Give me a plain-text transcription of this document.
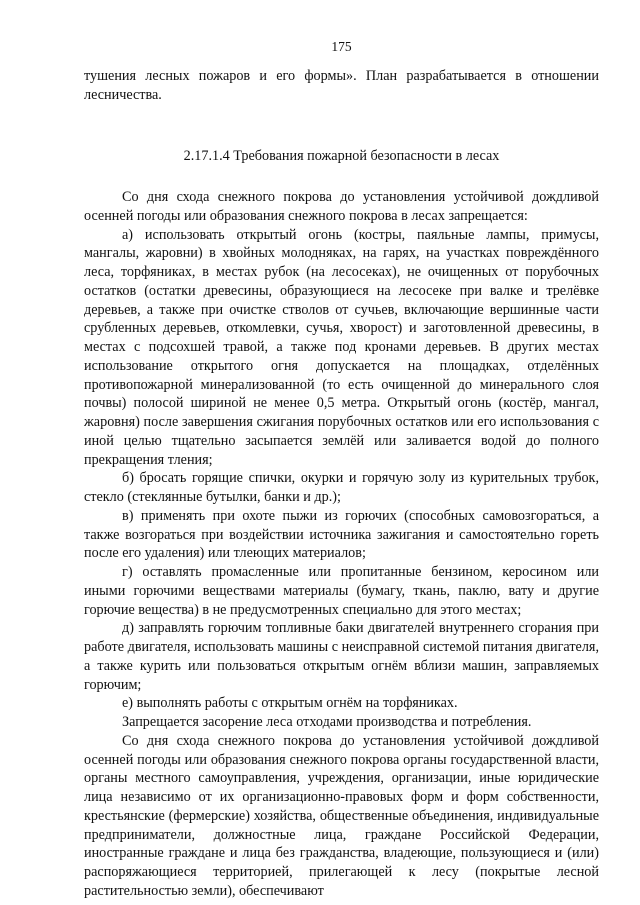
175

тушения лесных пожаров и его формы». План разрабатывается в отношении лесничества.

2.17.1.4 Требования пожарной безопасности в лесах

Со дня схода снежного покрова до установления устойчивой дождливой осенней погоды или образования снежного покрова в лесах запрещается:

а) использовать открытый огонь (костры, паяльные лампы, примусы, мангалы, жаровни) в хвойных молодняках, на гарях, на участках повреждённого леса, торфяниках, в местах рубок (на лесосеках), не очищенных от порубочных остатков (остатки древесины, образующиеся на лесосеке при валке и трелёвке деревьев, а также при очистке стволов от сучьев, включающие вершинные части срубленных деревьев, откомлевки, сучья, хворост) и заготовленной древесины, в местах с подсохшей травой, а также под кронами деревьев. В других местах использование открытого огня допускается на площадках, отделённых противопожарной минерализованной (то есть очищенной до минерального слоя почвы) полосой шириной не менее 0,5 метра. Открытый огонь (костёр, мангал, жаровня) после завершения сжигания порубочных остатков или его использования с иной целью тщательно засыпается землёй или заливается водой до полного прекращения тления;

б) бросать горящие спички, окурки и горячую золу из курительных трубок, стекло (стеклянные бутылки, банки и др.);

в) применять при охоте пыжи из горючих (способных самовозгораться, а также возгораться при воздействии источника зажигания и самостоятельно гореть после его удаления) или тлеющих материалов;

г) оставлять промасленные или пропитанные бензином, керосином или иными горючими веществами материалы (бумагу, ткань, паклю, вату и другие горючие вещества) в не предусмотренных специально для этого местах;

д) заправлять горючим топливные баки двигателей внутреннего сгорания при работе двигателя, использовать машины с неисправной системой питания двигателя, а также курить или пользоваться открытым огнём вблизи машин, заправляемых горючим;

е) выполнять работы с открытым огнём на торфяниках.

Запрещается засорение леса отходами производства и потребления.

Со дня схода снежного покрова до установления устойчивой дождливой осенней погоды или образования снежного покрова органы государственной власти, органы местного самоуправления, учреждения, организации, иные юридические лица независимо от их организационно-правовых форм и форм собственности, крестьянские (фермерские) хозяйства, общественные объединения, индивидуальные предприниматели, должностные лица, граждане Российской Федерации, иностранные граждане и лица без гражданства, владеющие, пользующиеся и (или) распоряжающиеся территорией, прилегающей к лесу (покрытые лесной растительностью земли), обеспечивают
